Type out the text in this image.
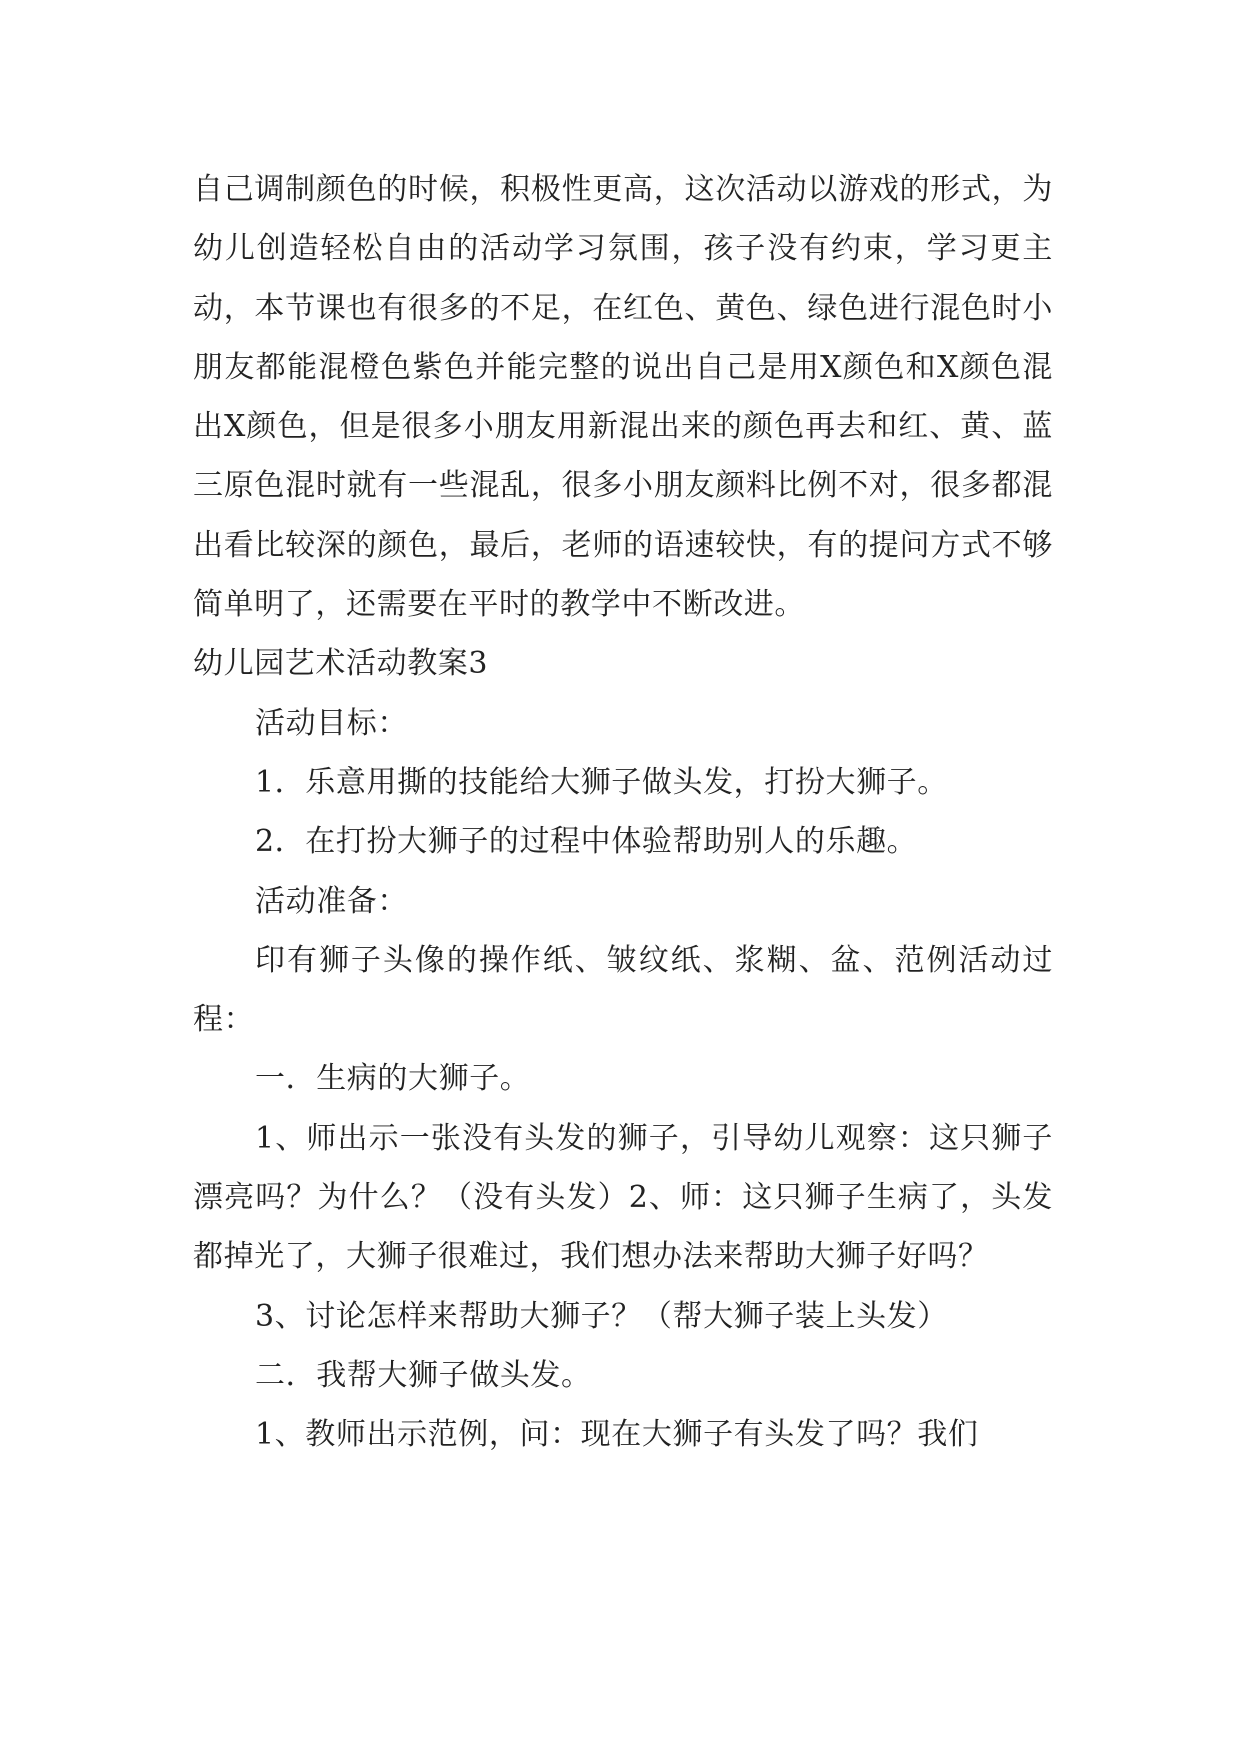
自己调制颜色的时候，积极性更高，这次活动以游戏的形式，为幼儿创造轻松自由的活动学习氛围，孩子没有约束，学习更主动，本节课也有很多的不足，在红色、黄色、绿色进行混色时小朋友都能混橙色紫色并能完整的说出自己是用X颜色和X颜色混出X颜色，但是很多小朋友用新混出来的颜色再去和红、黄、蓝三原色混时就有一些混乱，很多小朋友颜料比例不对，很多都混出看比较深的颜色，最后，老师的语速较快，有的提问方式不够简单明了，还需要在平时的教学中不断改进。

幼儿园艺术活动教案3

活动目标：

1．乐意用撕的技能给大狮子做头发，打扮大狮子。

2．在打扮大狮子的过程中体验帮助别人的乐趣。

活动准备：

印有狮子头像的操作纸、皱纹纸、浆糊、盆、范例活动过程：

一．生病的大狮子。

1、师出示一张没有头发的狮子，引导幼儿观察：这只狮子漂亮吗？为什么？（没有头发）2、师：这只狮子生病了，头发都掉光了，大狮子很难过，我们想办法来帮助大狮子好吗？

3、讨论怎样来帮助大狮子？（帮大狮子装上头发）

二．我帮大狮子做头发。

1、教师出示范例，问：现在大狮子有头发了吗？我们
